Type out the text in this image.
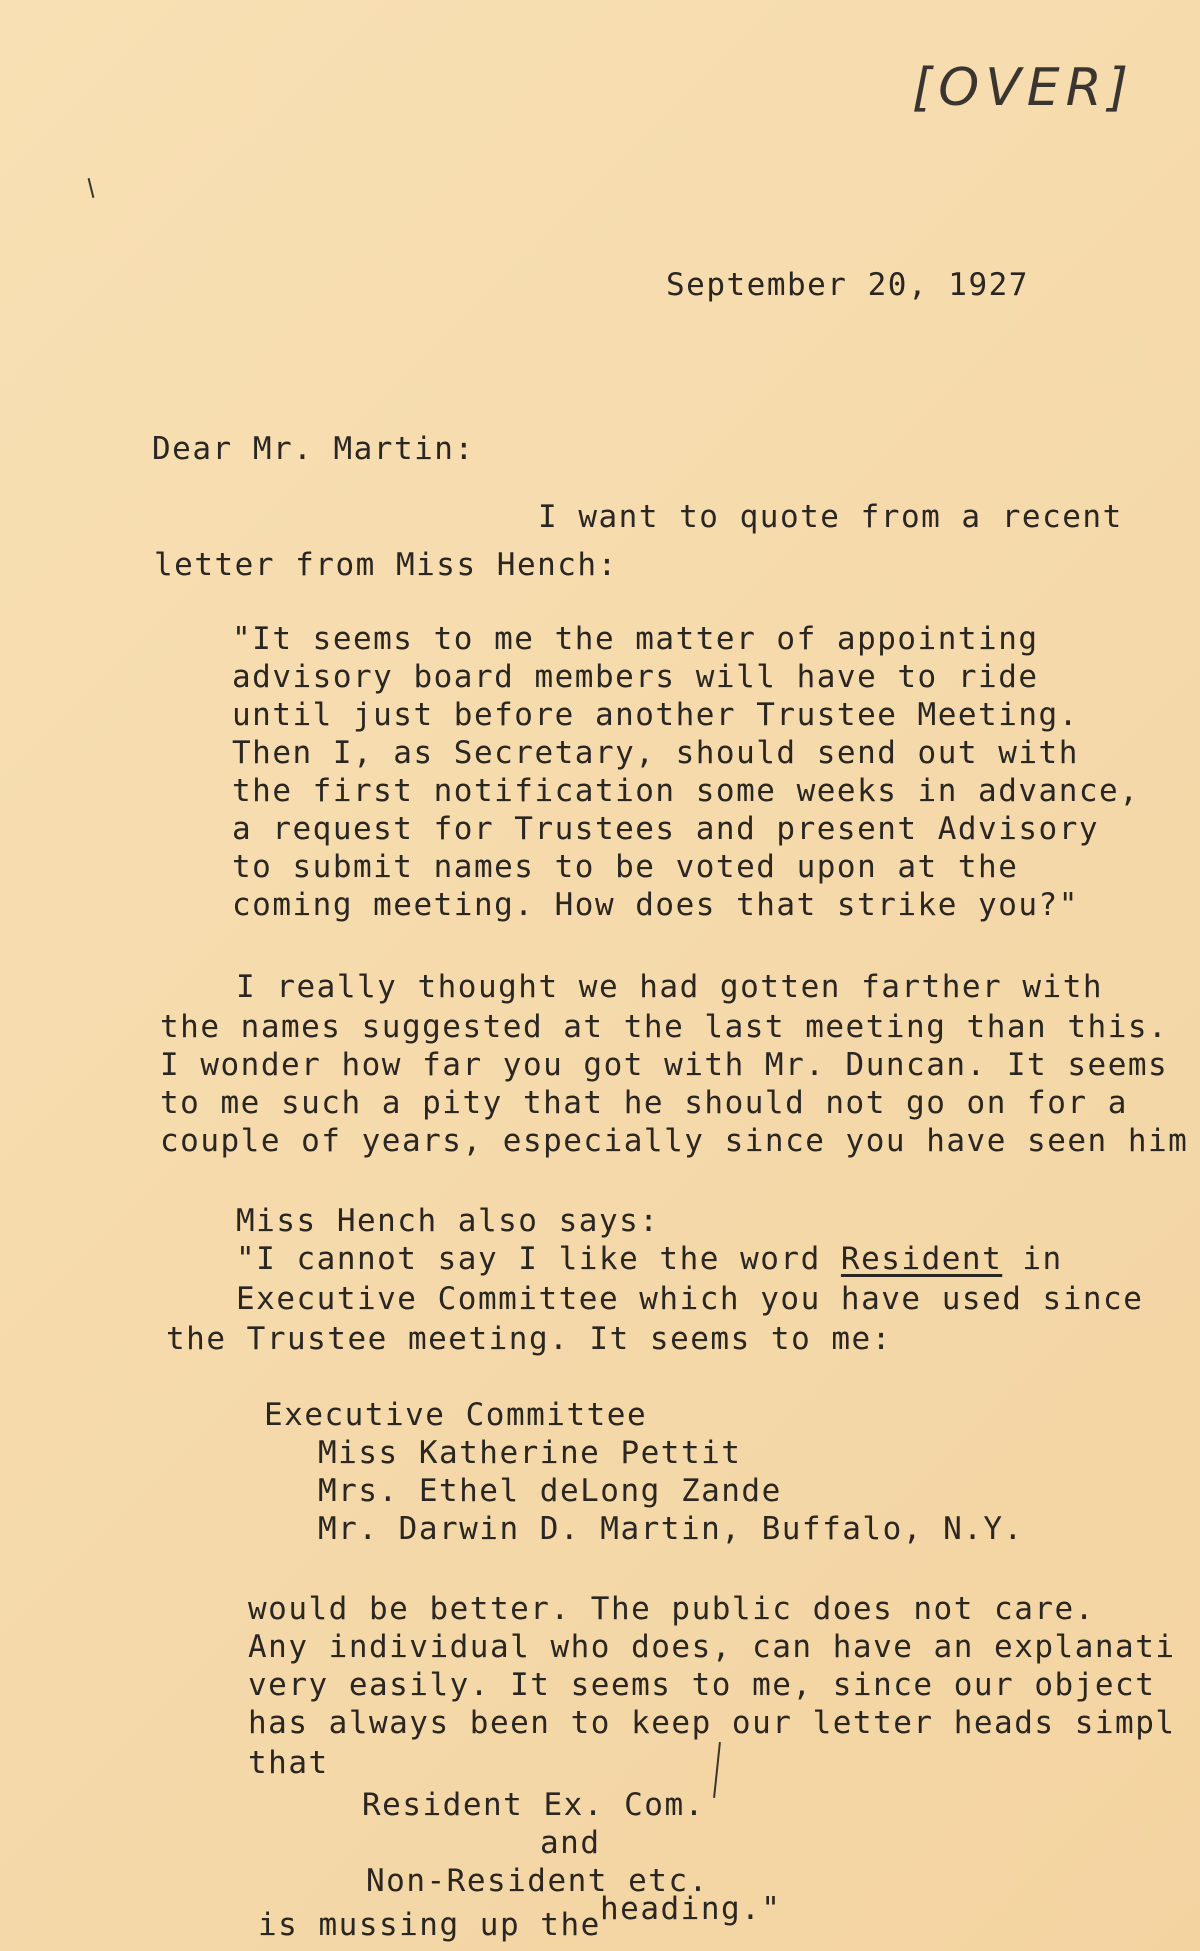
[OVER]
September 20, 1927
Dear Mr. Martin:
I want to quote from a recent
letter from Miss Hench:
"It seems to me the matter of appointing
advisory board members will have to ride
until just before another Trustee Meeting.
Then I, as Secretary, should send out with
the first notification some weeks in advance,
a request for Trustees and present Advisory
to submit names to be voted upon at the
coming meeting. How does that strike you?"
I really thought we had gotten farther with
the names suggested at the last meeting than this.
I wonder how far you got with Mr. Duncan. It seems
to me such a pity that he should not go on for a
couple of years, especially since you have seen him
Miss Hench also says:
"I cannot say I like the word Resident in
Executive Committee which you have used since
the Trustee meeting. It seems to me:
Executive Committee
Miss Katherine Pettit
Mrs. Ethel deLong Zande
Mr. Darwin D. Martin, Buffalo, N.Y.
would be better. The public does not care.
Any individual who does, can have an explanati
very easily. It seems to me, since our object
has always been to keep our letter heads simpl
that
Resident Ex. Com.
and
Non-Resident etc.
heading."
is mussing up the
